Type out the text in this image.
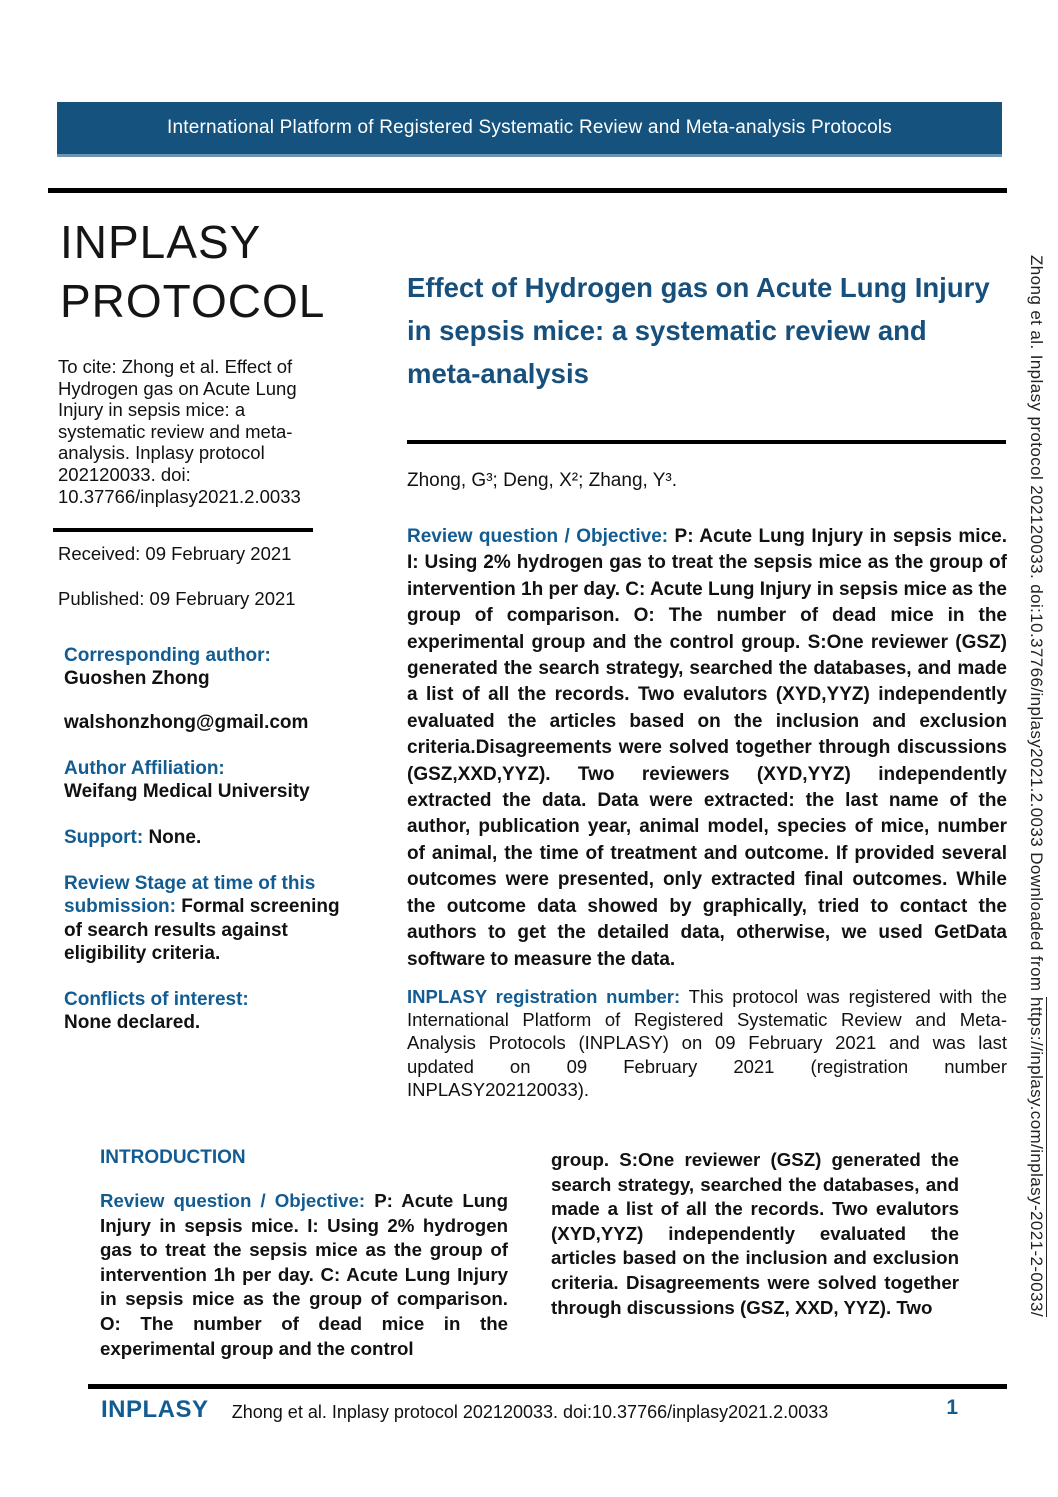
International Platform of Registered Systematic Review and Meta-analysis Protocols
INPLASY
PROTOCOL

To cite: Zhong et al. Effect of Hydrogen gas on Acute Lung Injury in sepsis mice: a systematic review and meta-analysis. Inplasy protocol 202120033. doi: 10.37766/inplasy2021.2.0033

Received: 09 February 2021

Published: 09 February 2021

Corresponding author:

Guoshen Zhong

walshonzhong@gmail.com

Author Affiliation:

Weifang Medical University

Support: None.

Review Stage at time of this submission: Formal screening of search results against eligibility criteria.

Conflicts of interest:

None declared.

Effect of Hydrogen gas on Acute Lung Injury in sepsis mice: a systematic review and meta-analysis

Zhong, G³; Deng, X²; Zhang, Y³.

Review question / Objective: P: Acute Lung Injury in sepsis mice. I: Using 2% hydrogen gas to treat the sepsis mice as the group of intervention 1h per day. C: Acute Lung Injury in sepsis mice as the group of comparison. O: The number of dead mice in the experimental group and the control group. S:One reviewer (GSZ) generated the search strategy, searched the databases, and made a list of all the records. Two evalutors (XYD,YYZ) independently evaluated the articles based on the inclusion and exclusion criteria.Disagreements were solved together through discussions (GSZ,XXD,YYZ). Two reviewers (XYD,YYZ) independently extracted the data. Data were extracted: the last name of the author, publication year, animal model, species of mice, number of animal, the time of treatment and outcome. If provided several outcomes were presented, only extracted final outcomes. While the outcome data showed by graphically, tried to contact the authors to get the detailed data, otherwise, we used GetData software to measure the data.

INPLASY registration number: This protocol was registered with the International Platform of Registered Systematic Review and Meta-Analysis Protocols (INPLASY) on 09 February 2021 and was last updated on 09 February 2021 (registration number INPLASY202120033).

INTRODUCTION

Review question / Objective: P: Acute Lung Injury in sepsis mice. I: Using 2% hydrogen gas to treat the sepsis mice as the group of intervention 1h per day. C: Acute Lung Injury in sepsis mice as the group of comparison. O: The number of dead mice in the experimental group and the control

group. S:One reviewer (GSZ) generated the search strategy, searched the databases, and made a list of all the records. Two evalutors (XYD,YYZ) independently evaluated the articles based on the inclusion and exclusion criteria. Disagreements were solved together through discussions (GSZ, XXD, YYZ). Two

INPLASY	Zhong et al. Inplasy protocol 202120033. doi:10.37766/inplasy2021.2.0033	1

Zhong et al. Inplasy protocol 202120033. doi:10.37766/inplasy2021.2.0033 Downloaded from https://inplasy.com/inplasy-2021-2-0033/
